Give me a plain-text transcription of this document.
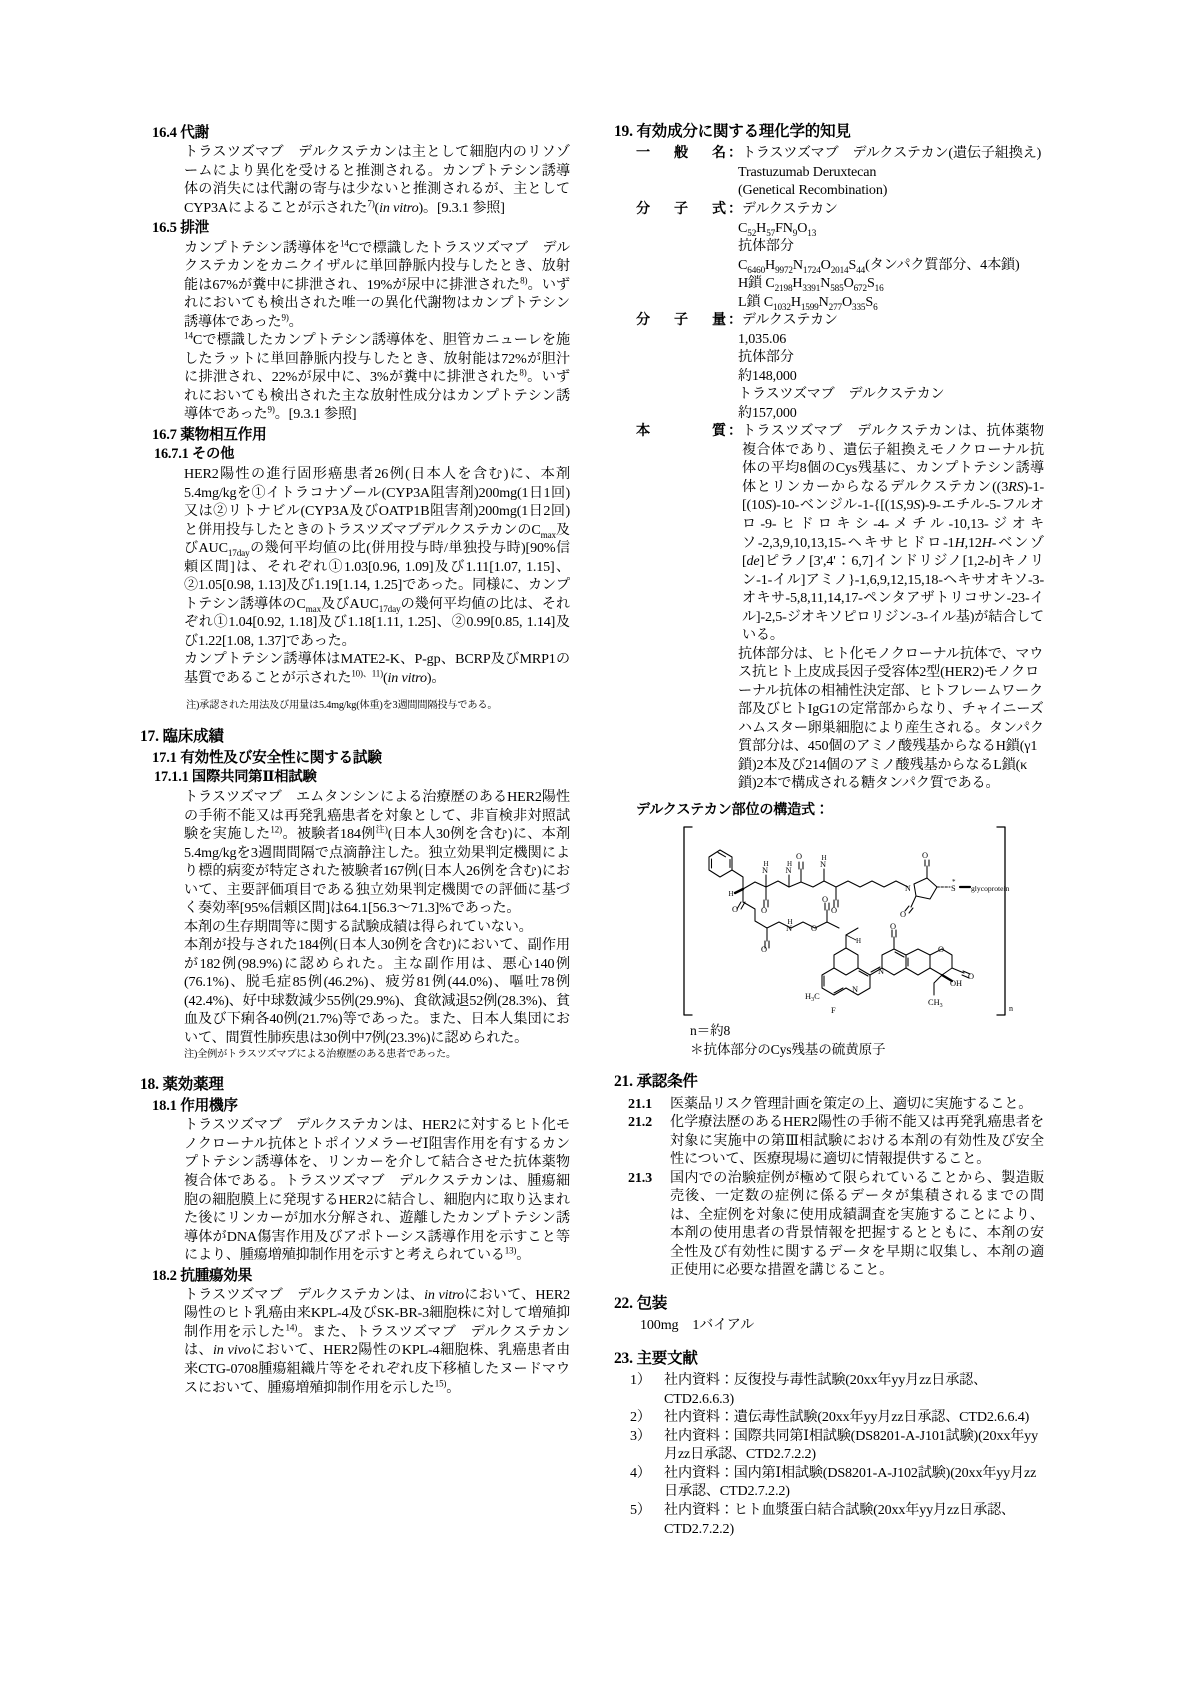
16.4 代謝

トラスツズマブ　デルクステカンは主として細胞内のリソゾームにより異化を受けると推測される。カンプトテシン誘導体の消失には代謝の寄与は少ないと推測されるが、主としてCYP3Aによることが示された$^{7)}$(in vitro)。[9.3.1 参照]

16.5 排泄

カンプトテシン誘導体を$^{14}$Cで標識したトラスツズマブ　デルクステカンをカニクイザルに単回静脈内投与したとき、放射能は67%が糞中に排泄され、19%が尿中に排泄された$^{8)}$。いずれにおいても検出された唯一の異化代謝物はカンプトテシン誘導体であった$^{9)}$。

$^{14}$Cで標識したカンプトテシン誘導体を、胆管カニューレを施したラットに単回静脈内投与したとき、放射能は72%が胆汁に排泄され、22%が尿中に、3%が糞中に排泄された$^{8)}$。いずれにおいても検出された主な放射性成分はカンプトテシン誘導体であった$^{9)}$。[9.3.1 参照]

16.7 薬物相互作用
16.7.1 その他

HER2陽性の進行固形癌患者26例(日本人を含む)に、本剤5.4mg/kgを①イトラコナゾール(CYP3A阻害剤)200mg(1日1回)又は②リトナビル(CYP3A及びOATP1B阻害剤)200mg(1日2回)と併用投与したときのトラスツズマブデルクステカンの$C_{max}$及び$AUC_{17day}$の幾何平均値の比(併用投与時/単独投与時)[90%信頼区間]は、それぞれ①1.03[0.96, 1.09]及び1.11[1.07, 1.15]、②1.05[0.98, 1.13]及び1.19[1.14, 1.25]であった。同様に、カンプトテシン誘導体の$C_{max}$及び$AUC_{17day}$の幾何平均値の比は、それぞれ①1.04[0.92, 1.18]及び1.18[1.11, 1.25]、②0.99[0.85, 1.14]及び1.22[1.08, 1.37]であった。

カンプトテシン誘導体はMATE2-K、P-gp、BCRP及びMRP1の基質であることが示された$^{10)、11)}$(in vitro)。

注)承認された用法及び用量は5.4mg/kg(体重)を3週間間隔投与である。

17. 臨床成績
17.1 有効性及び安全性に関する試験
17.1.1 国際共同第Ⅱ相試験

トラスツズマブ　エムタンシンによる治療歴のあるHER2陽性の手術不能又は再発乳癌患者を対象として、非盲検非対照試験を実施した$^{12)}$。被験者184例$^{注)}$(日本人30例を含む)に、本剤5.4mg/kgを3週間間隔で点滴静注した。独立効果判定機関により標的病変が特定された被験者167例(日本人26例を含む)において、主要評価項目である独立効果判定機関での評価に基づく奏効率[95%信頼区間]は64.1[56.3～71.3]%であった。

本剤の生存期間等に関する試験成績は得られていない。

本剤が投与された184例(日本人30例を含む)において、副作用が182例(98.9%)に認められた。主な副作用は、悪心140例(76.1%)、脱毛症85例(46.2%)、疲労81例(44.0%)、嘔吐78例(42.4%)、好中球数減少55例(29.9%)、食欲減退52例(28.3%)、貧血及び下痢各40例(21.7%)等であった。また、日本人集団において、間質性肺疾患は30例中7例(23.3%)に認められた。

注)全例がトラスツズマブによる治療歴のある患者であった。

18. 薬効薬理
18.1 作用機序

トラスツズマブ　デルクステカンは、HER2に対するヒト化モノクローナル抗体とトポイソメラーゼⅠ阻害作用を有するカンプトテシン誘導体を、リンカーを介して結合させた抗体薬物複合体である。トラスツズマブ　デルクステカンは、腫瘍細胞の細胞膜上に発現するHER2に結合し、細胞内に取り込まれた後にリンカーが加水分解され、遊離したカンプトテシン誘導体がDNA傷害作用及びアポトーシス誘導作用を示すこと等により、腫瘍増殖抑制作用を示すと考えられている$^{13)}$。

18.2 抗腫瘍効果

トラスツズマブ　デルクステカンは、in vitroにおいて、HER2陽性のヒト乳癌由来KPL-4及びSK-BR-3細胞株に対して増殖抑制作用を示した$^{14)}$。また、トラスツズマブ　デルクステカンは、in vivoにおいて、HER2陽性のKPL-4細胞株、乳癌患者由来CTG-0708腫瘍組織片等をそれぞれ皮下移植したヌードマウスにおいて、腫瘍増殖抑制作用を示した$^{15)}$。

19. 有効成分に関する理化学的知見
一般名 ： トラスツズマブ　デルクステカン(遺伝子組換え)
Trastuzumab Deruxtecan
(Genetical Recombination)
分子式 ： デルクステカン
$C_{52}H_{57}FN_9O_{13}$
抗体部分
$C_{6460}H_{9972}N_{1724}O_{2014}S_{44}$(タンパク質部分、4本鎖)
H鎖 $C_{2198}H_{3391}N_{585}O_{672}S_{16}$
L鎖 $C_{1032}H_{1599}N_{277}O_{335}S_6$
分子量 ： デルクステカン
1,035.06
抗体部分
約148,000
トラスツズマブ　デルクステカン
約157,000
本　質 ： トラスツズマブ　デルクステカンは、抗体薬物複合体であり、遺伝子組換えモノクローナル抗体の平均8個のCys残基に、カンプトテシン誘導体とリンカーからなるデルクステカン((3RS)-1-[(10S)-10-ベンジル-1-{[(1S,9S)-9-エチル-5-フルオロ-9-ヒドロキシ-4-メチル-10,13-ジオキソ-2,3,9,10,13,15-ヘキサヒドロ-1H,12H-ベンゾ[de]ピラノ[3',4'：6,7]インドリジノ[1,2-b]キノリン-1-イル]アミノ}-1,6,9,12,15,18-ヘキサオキソ-3-オキサ-5,8,11,14,17-ペンタアザトリコサン-23-イル]-2,5-ジオキソピロリジン-3-イル基)が結合している。
抗体部分は、ヒト化モノクローナル抗体で、マウス抗ヒト上皮成長因子受容体2型(HER2)モノクローナル抗体の相補性決定部、ヒトフレームワーク部及びヒトIgG1の定常部からなり、チャイニーズハムスター卵巣細胞により産生される。タンパク質部分は、450個のアミノ酸残基からなるH鎖(γ1鎖)2本及び214個のアミノ酸残基からなるL鎖(κ鎖)2本で構成される糖タンパク質である。
デルクステカン部位の構造式：
N
N
H
N
H	N
H
O
O
O
O
O
H
*
S glycoprotein
O
O
N
H
O
O
H
N
N
O
O
O
OH
$H_3C$
$CH_3$
F	n
n＝約8
＊抗体部分のCys残基の硫黄原子
21. 承認条件
21.1	医薬品リスク管理計画を策定の上、適切に実施すること。
21.2	化学療法歴のあるHER2陽性の手術不能又は再発乳癌患者を対象に実施中の第Ⅲ相試験における本剤の有効性及び安全性について、医療現場に適切に情報提供すること。
21.3	国内での治験症例が極めて限られていることから、製造販売後、一定数の症例に係るデータが集積されるまでの間は、全症例を対象に使用成績調査を実施することにより、本剤の使用患者の背景情報を把握するとともに、本剤の安全性及び有効性に関するデータを早期に収集し、本剤の適正使用に必要な措置を講じること。
22. 包装
100mg　1バイアル
23. 主要文献
1） 社内資料：反復投与毒性試験(20xx年yy月zz日承認、CTD2.6.6.3)
2） 社内資料：遺伝毒性試験(20xx年yy月zz日承認、CTD2.6.6.4)
3） 社内資料：国際共同第Ⅰ相試験(DS8201-A-J101試験)(20xx年yy月zz日承認、CTD2.7.2.2)
4） 社内資料：国内第Ⅰ相試験(DS8201-A-J102試験)(20xx年yy月zz日承認、CTD2.7.2.2)
5） 社内資料：ヒト血漿蛋白結合試験(20xx年yy月zz日承認、CTD2.7.2.2)
